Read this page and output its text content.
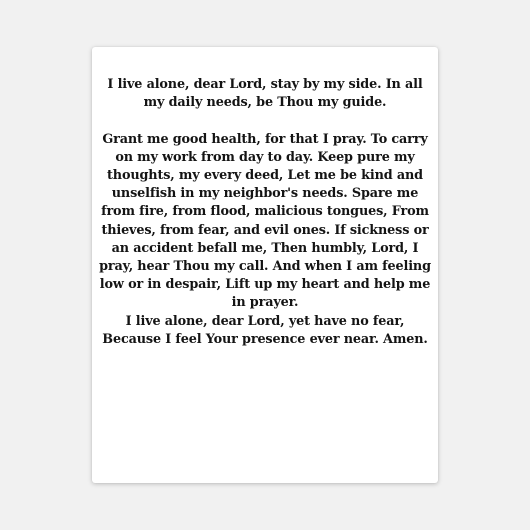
I live alone, dear Lord, stay by my side. In all my daily needs, be Thou my guide.

Grant me good health, for that I pray. To carry on my work from day to day. Keep pure my thoughts, my every deed, Let me be kind and unselfish in my neighbor's needs. Spare me from fire, from flood, malicious tongues, From thieves, from fear, and evil ones. If sickness or an accident befall me, Then humbly, Lord, I pray, hear Thou my call. And when I am feeling low or in despair, Lift up my heart and help me in prayer.

I live alone, dear Lord, yet have no fear, Because I feel Your presence ever near. Amen.
